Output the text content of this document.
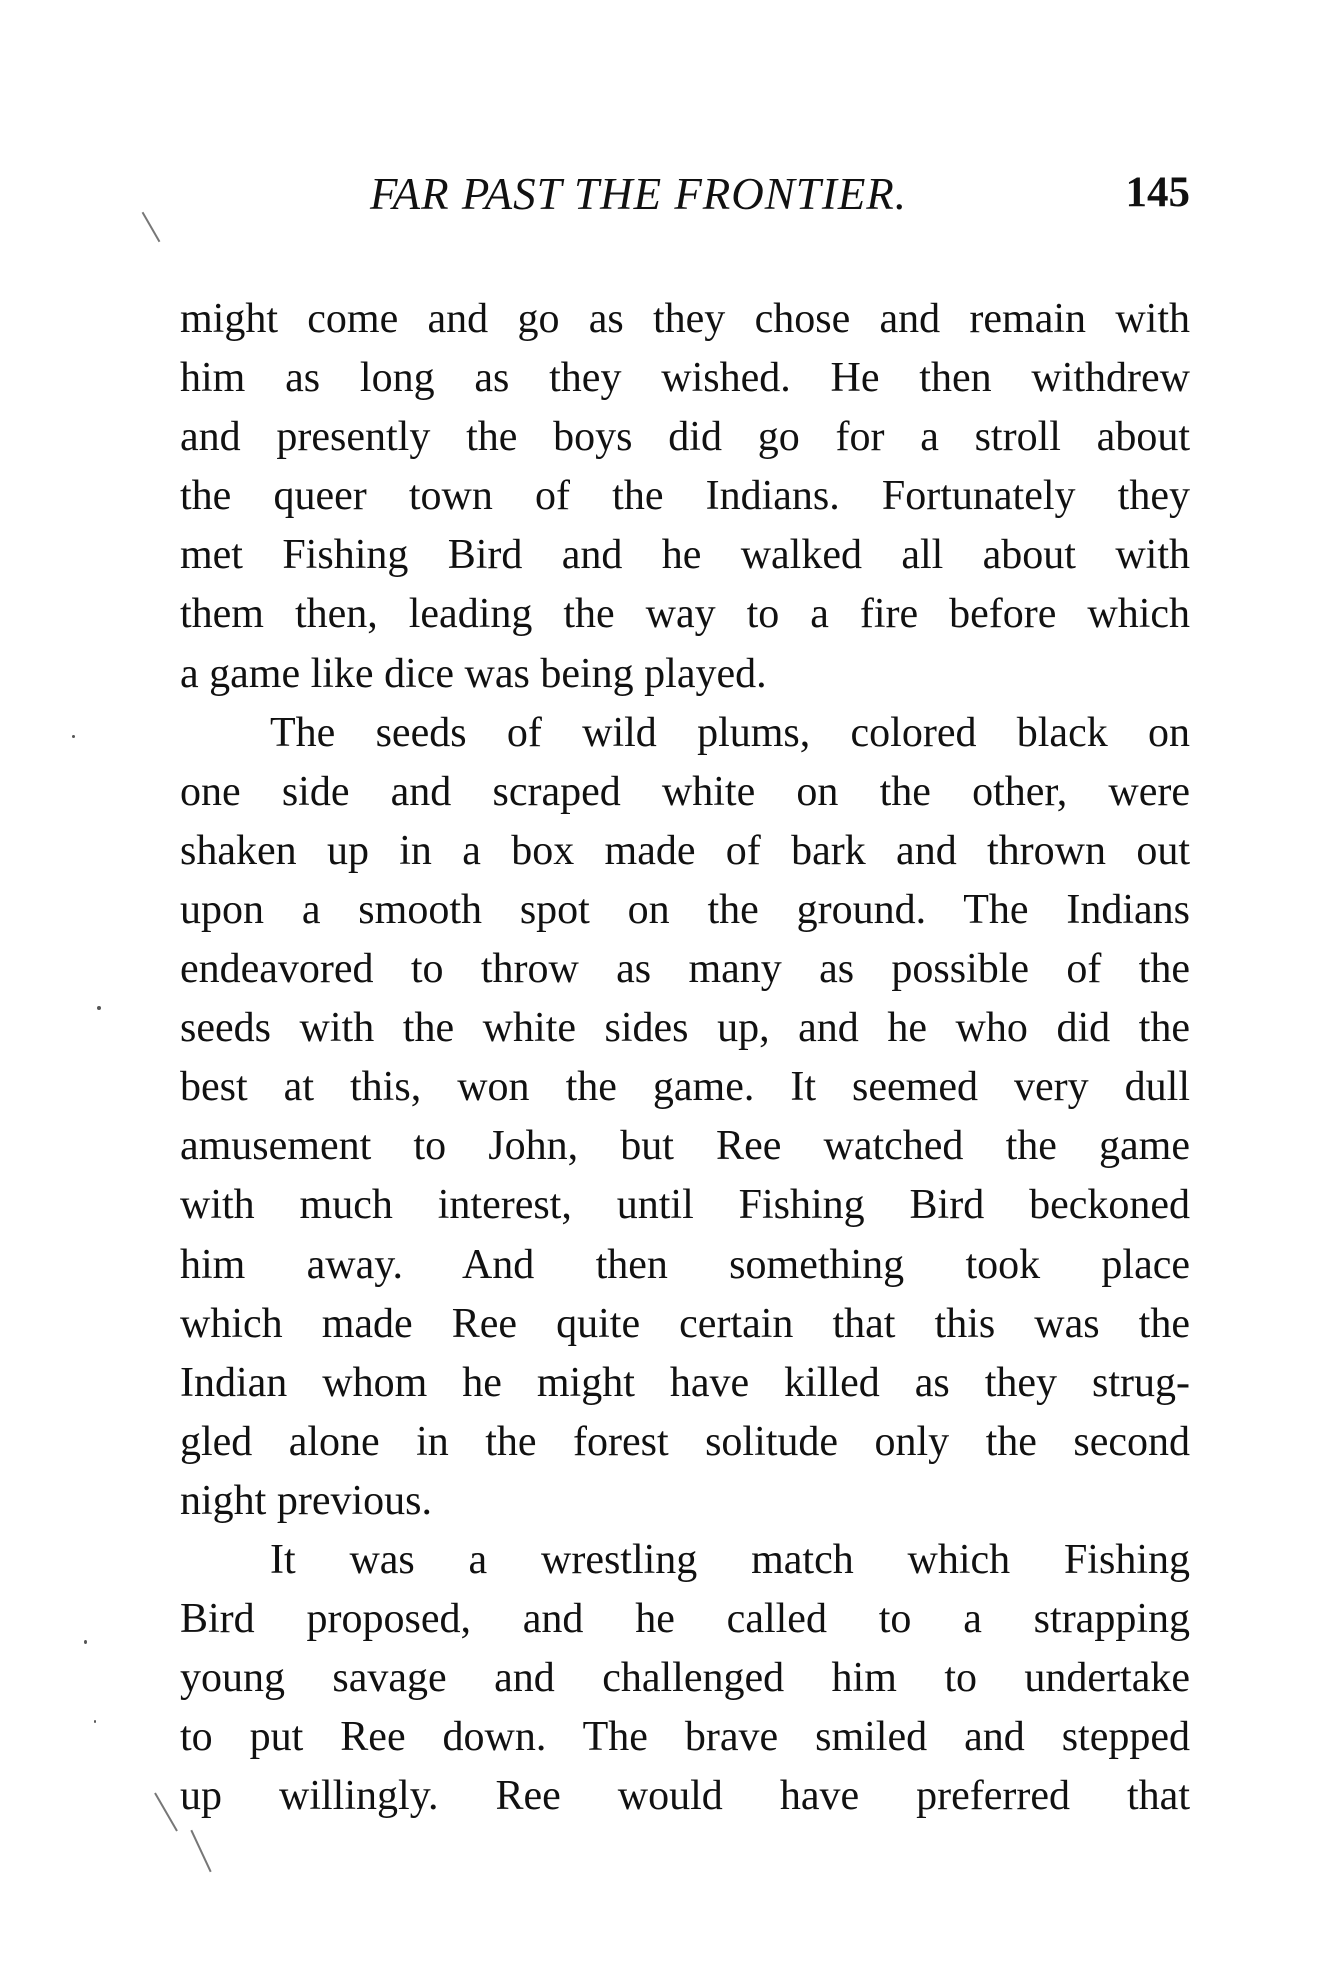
FAR PAST THE FRONTIER.	145
might come and go as they chose and remain with
him as long as they wished. He then withdrew
and presently the boys did go for a stroll about
the queer town of the Indians. Fortunately they
met Fishing Bird and he walked all about with
them then, leading the way to a fire before which
a game like dice was being played.
The seeds of wild plums, colored black on
one side and scraped white on the other, were
shaken up in a box made of bark and thrown out
upon a smooth spot on the ground. The Indians
endeavored to throw as many as possible of the
seeds with the white sides up, and he who did the
best at this, won the game. It seemed very dull
amusement to John, but Ree watched the game
with much interest, until Fishing Bird beckoned
him away. And then something took place
which made Ree quite certain that this was the
Indian whom he might have killed as they strug-
gled alone in the forest solitude only the second
night previous.
It was a wrestling match which Fishing
Bird proposed, and he called to a strapping
young savage and challenged him to undertake
to put Ree down. The brave smiled and stepped
up willingly. Ree would have preferred that
